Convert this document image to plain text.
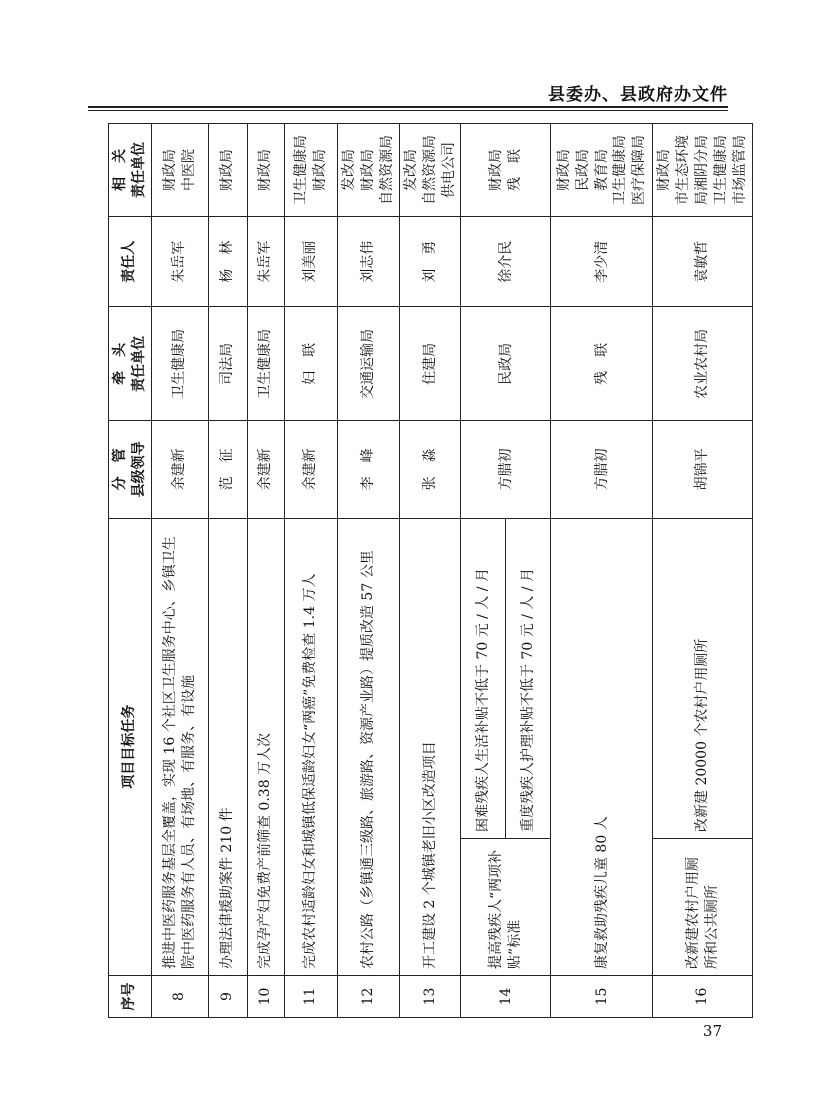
县委办、县政府办文件
序号	项目目标任务		分　管 县级领导	牵　头 责任单位	责任人	相　关 责任单位

8	推进中医药服务基层全覆盖，实现 16 个社区卫生服务中心、乡镇卫生院中医药服务有人员、有场地、有服务、有设施		余建新	卫生健康局	朱岳军	财政局 中医院

9	办理法律援助案件 210 件		范　征	司法局	杨　林	财政局
10	完成孕产妇免费产前筛查 0.38 万人次		余建新	卫生健康局	朱岳军	财政局
11	完成农村适龄妇女和城镇低保适龄妇女“两癌”免费检查 1.4 万人		余建新	妇　联	刘美丽	卫生健康局 财政局

12	农村公路（乡镇通三级路、旅游路、资源产业路）提质改造 57 公里		李　峰	交通运输局	刘志伟	发改局 财政局 自然资源局

13	开工建设 2 个城镇老旧小区改造项目		张　淼	住建局	刘　勇	发改局 自然资源局 供电公司

14	提高残疾人“两项补贴”标准	困难残疾人生活补贴不低于 70 元 / 人 / 月	方腊初	民政局	徐介民	财政局 残　联

		重度残疾人护理补贴不低于 70 元 / 人 / 月				
15	康复救助残疾儿童 80 人		方腊初	残　联	李少清	财政局 民政局 教育局 卫生健康局 医疗保障局

16	改新建农村户用厕所和公共厕所	改新建 20000 个农村户用厕所	胡锦平	农业农村局	袁敏哲	财政局 市生态环境 局湘阴分局 卫生健康局 市场监管局
37
